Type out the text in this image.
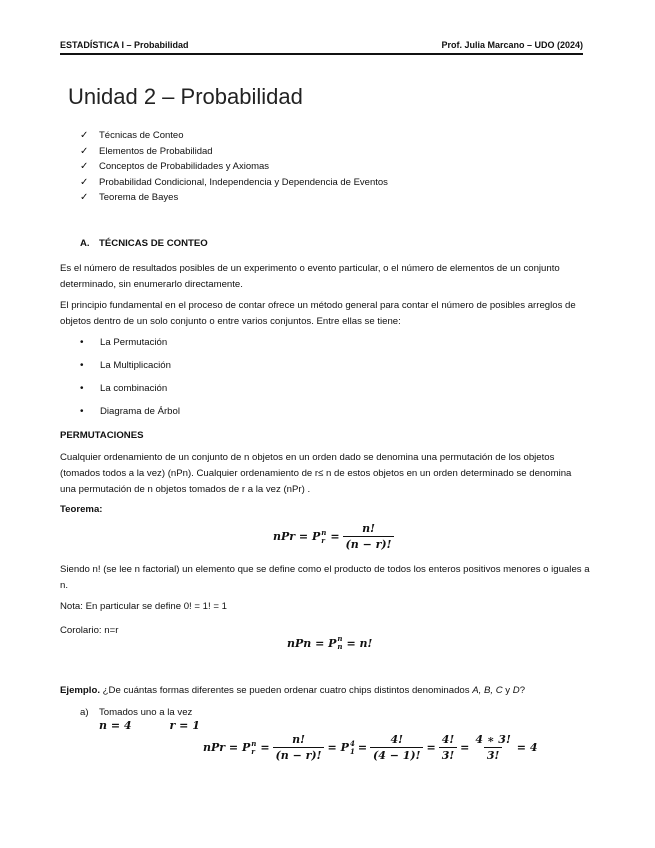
ESTADÍSTICA I – Probabilidad	Prof. Julia Marcano – UDO (2024)
Unidad 2 – Probabilidad
✓	Técnicas de Conteo
✓	Elementos de Probabilidad
✓	Conceptos de Probabilidades y Axiomas
✓	Probabilidad Condicional, Independencia y Dependencia de Eventos
✓	Teorema de Bayes
A. TÉCNICAS DE CONTEO
Es el número de resultados posibles de un experimento o evento particular, o el número de elementos de un conjunto determinado, sin enumerarlo directamente.
El principio fundamental en el proceso de contar ofrece un método general para contar el número de posibles arreglos de objetos dentro de un solo conjunto o entre varios conjuntos. Entre ellas se tiene:
•	La Permutación
•	La Multiplicación
•	La combinación
•	Diagrama de Árbol
PERMUTACIONES
Cualquier ordenamiento de un conjunto de n objetos en un orden dado se denomina una permutación de los objetos (tomados todos a la vez) (nPn). Cualquier ordenamiento de r≤ n de estos objetos en un orden determinado se denomina una permutación de n objetos tomados de r a la vez (nPr) .
Teorema:
nPr = P n
$r = \frac{n!}{(n - r)!}$
Siendo n! (se lee n factorial) un elemento que se define como el producto de todos los enteros positivos menores o iguales a n.
Nota: En particular se define 0! = 1! = 1
Corolario: n=r
nPn = P n
n = n!
Ejemplo. ¿De cuántas formas diferentes se pueden ordenar cuatro chips distintos denominados A, B, C y D?
a) Tomados uno a la vez
n = 4	r = 1
nPr = P n
$r = \frac{n!}{(n - r)!} = P$ 4
$1 = \frac{4!}{(4 - 1)!} = \frac{4!}{3!} = \frac{4 ∗ 3!}{3!} = 4$
